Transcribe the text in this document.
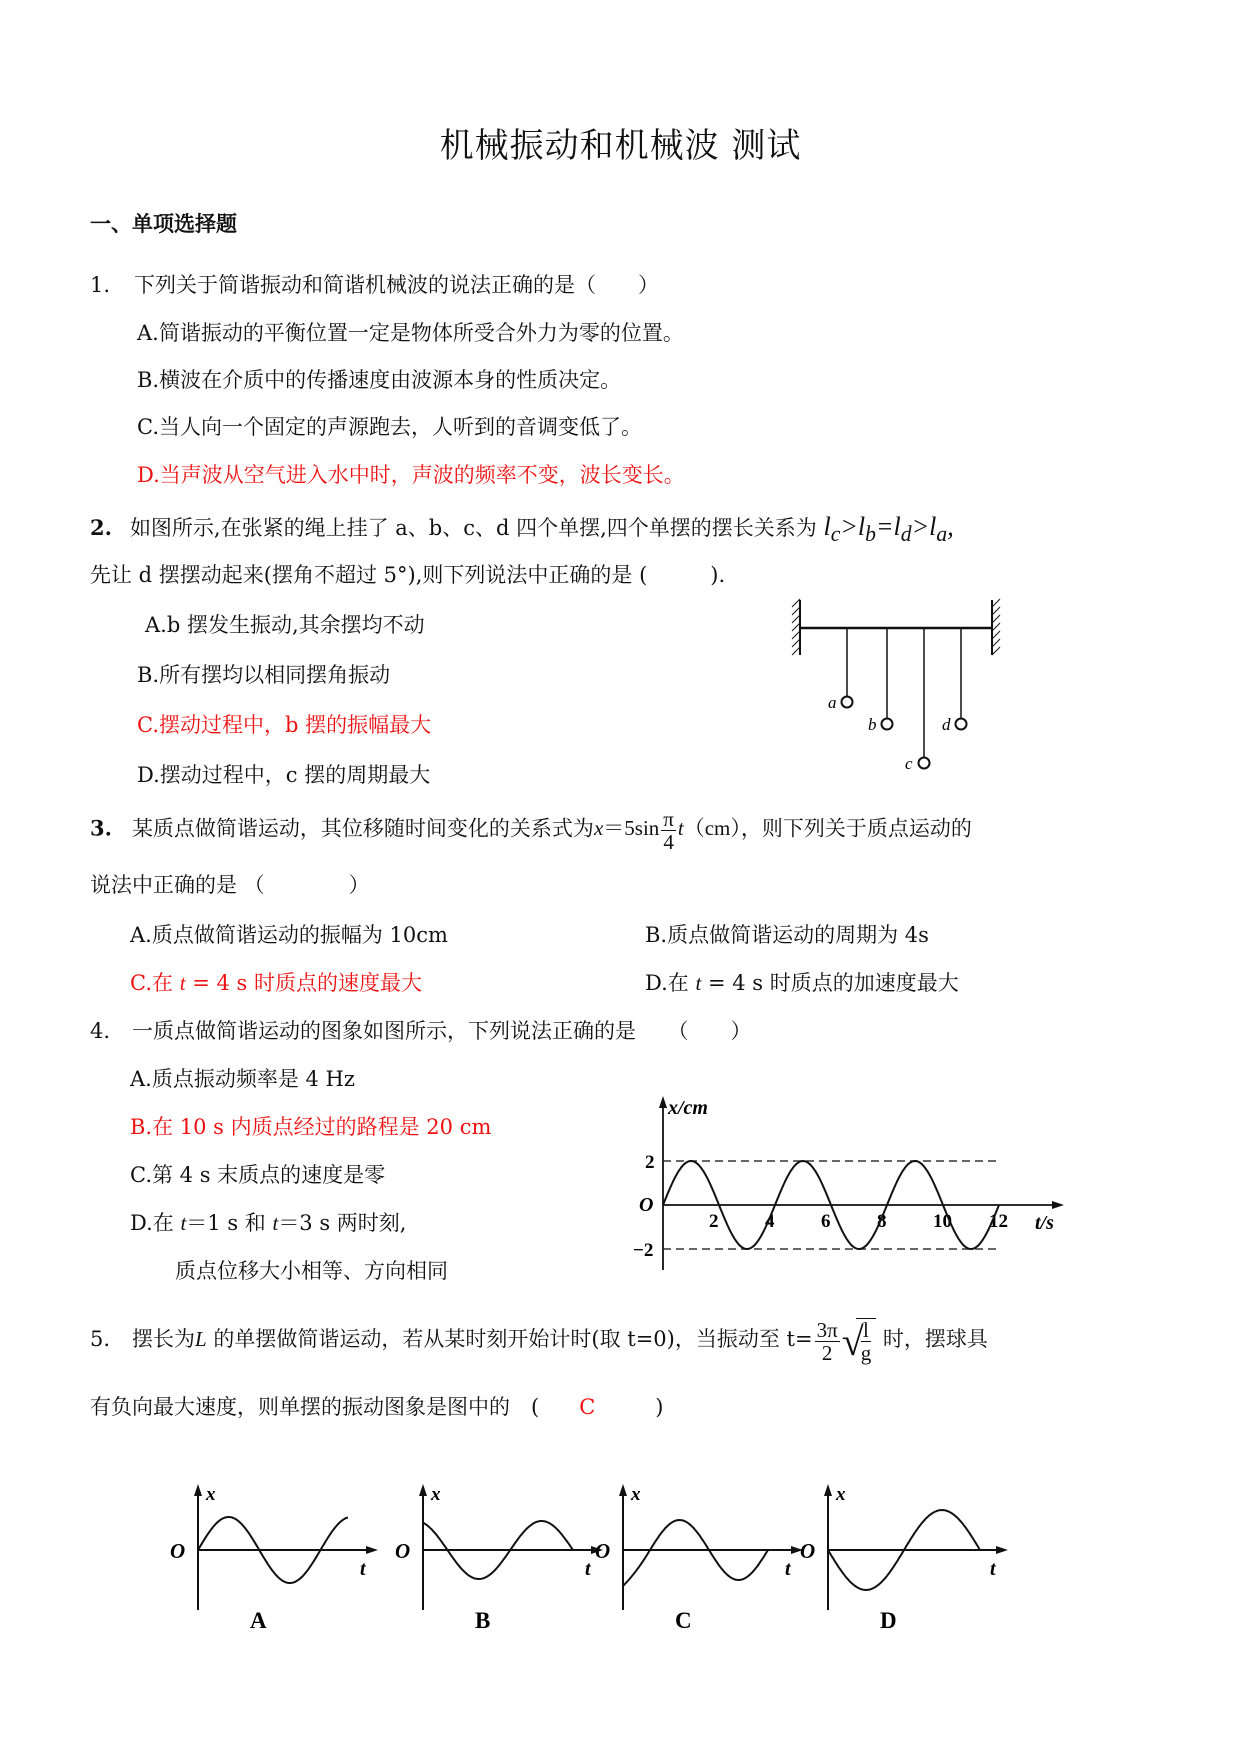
机械振动和机械波 测试
一、单项选择题
1. 下列关于简谐振动和简谐机械波的说法正确的是（　　）
A.简谐振动的平衡位置一定是物体所受合外力为零的位置。
B.横波在介质中的传播速度由波源本身的性质决定。
C.当人向一个固定的声源跑去，人听到的音调变低了。
D.当声波从空气进入水中时，声波的频率不变，波长变长。
2. 如图所示,在张紧的绳上挂了 a、b、c、d 四个单摆,四个单摆的摆长关系为 $l_c>l_b=l_d>l_a$,
先让 d 摆摆动起来(摆角不超过 5°),则下列说法中正确的是 (　　　).
A.b 摆发生振动,其余摆均不动
B.所有摆均以相同摆角振动
C.摆动过程中，b 摆的振幅最大
D.摆动过程中，c 摆的周期最大
a
b
c
d
3. 某质点做简谐运动，其位移随时间变化的关系式为$x=5\sin \frac{\pi}{4} t(cm)$，则下列关于质点运动的
说法中正确的是 （　　　　）
A.质点做简谐运动的振幅为 10cm	B.质点做简谐运动的周期为 4s
C.在 t = 4 s 时质点的速度最大	D.在 t = 4 s 时质点的加速度最大
4. 一质点做简谐运动的图象如图所示，下列说法正确的是　　（　　）
A.质点振动频率是 4 Hz
B.在 10 s 内质点经过的路程是 20 cm
C.第 4 s 末质点的速度是零
D.在 t＝1 s 和 t＝3 s 两时刻,
质点位移大小相等、方向相同
x/cm
t/s
O
2 4 6 8 10 12
2
−2
5. 摆长为L 的单摆做简谐运动，若从某时刻开始计时(取 t=0)，当振动至 $t= \frac{3\pi}{2}$ √
$\frac{l}{g}$ 时，摆球具
有负向最大速度，则单摆的振动图象是图中的　( C	)
x
t
O
A
x
t
O
B
x
t
O
C
x
t
O
D
